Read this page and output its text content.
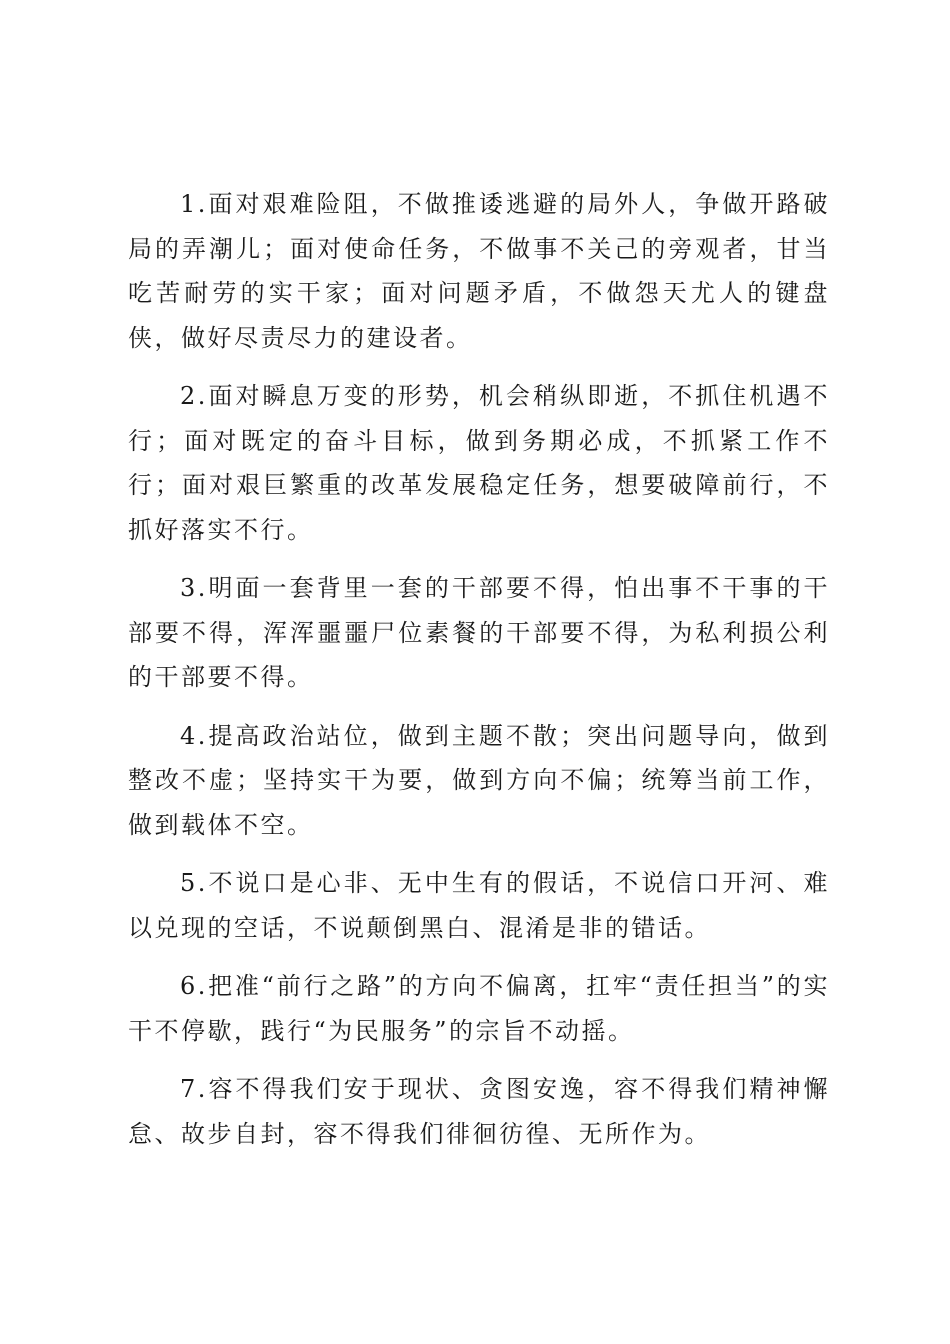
1.面对艰难险阻，不做推诿逃避的局外人，争做开路破局的弄潮儿；面对使命任务，不做事不关己的旁观者，甘当吃苦耐劳的实干家；面对问题矛盾，不做怨天尤人的键盘侠，做好尽责尽力的建设者。

2.面对瞬息万变的形势，机会稍纵即逝，不抓住机遇不行；面对既定的奋斗目标，做到务期必成，不抓紧工作不行；面对艰巨繁重的改革发展稳定任务，想要破障前行，不抓好落实不行。

3.明面一套背里一套的干部要不得，怕出事不干事的干部要不得，浑浑噩噩尸位素餐的干部要不得，为私利损公利的干部要不得。

4.提高政治站位，做到主题不散；突出问题导向，做到整改不虚；坚持实干为要，做到方向不偏；统筹当前工作，做到载体不空。

5.不说口是心非、无中生有的假话，不说信口开河、难以兑现的空话，不说颠倒黑白、混淆是非的错话。

6.把准“前行之路”的方向不偏离，扛牢“责任担当”的实干不停歇，践行“为民服务”的宗旨不动摇。

7.容不得我们安于现状、贪图安逸，容不得我们精神懈怠、故步自封，容不得我们徘徊彷徨、无所作为。
